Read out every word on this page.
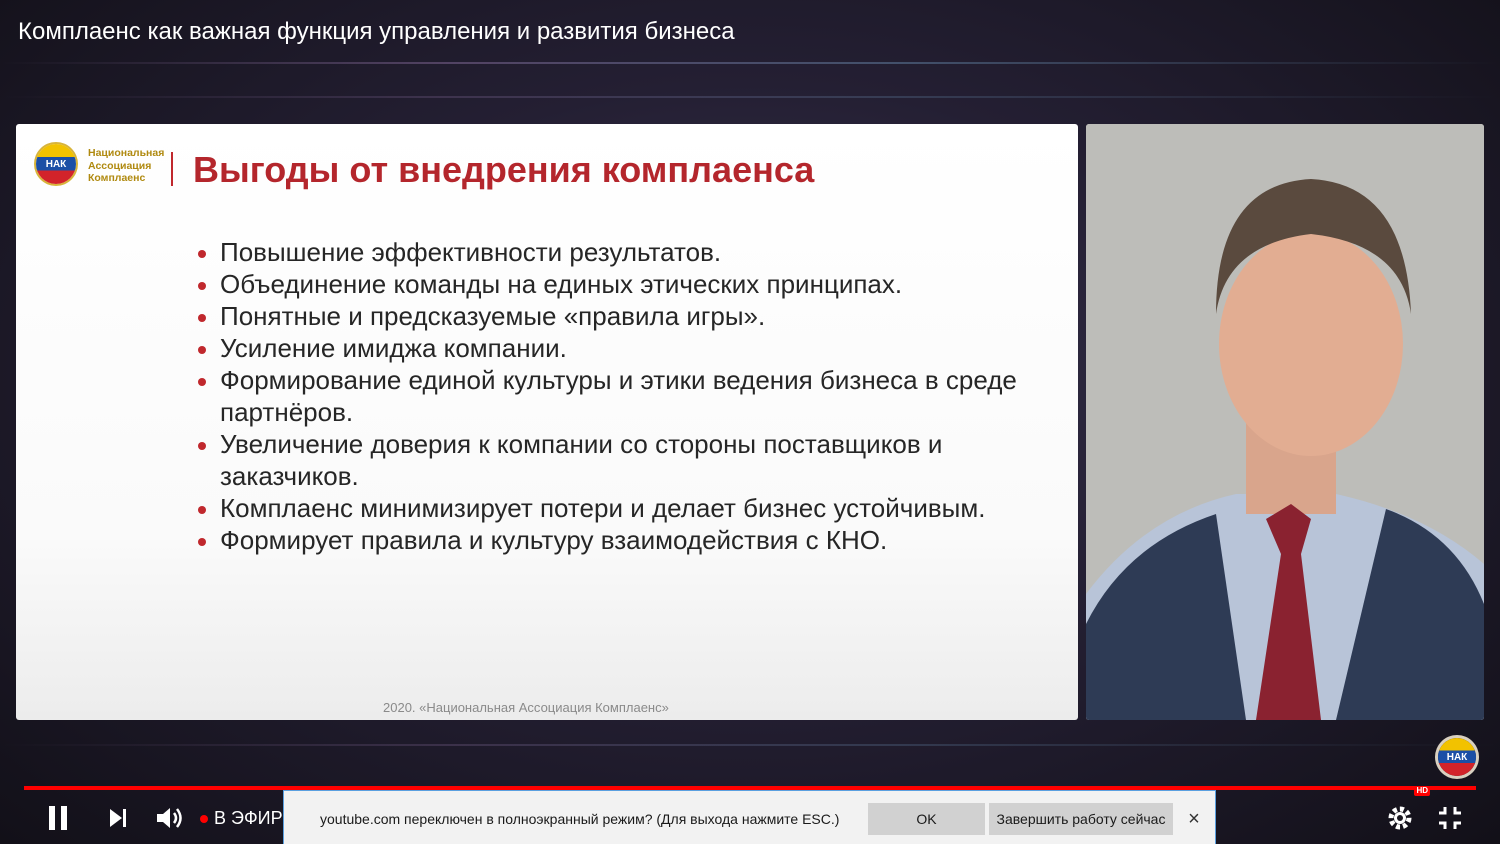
Комплаенс как важная функция управления и развития бизнеса
НАК
Национальная
Ассоциация
Комплаенс	Выгоды от внедрения комплаенса
Повышение эффективности результатов.
Объединение команды на единых этических принципах.
Понятные и предсказуемые «правила игры».
Усиление имиджа компании.
Формирование единой культуры и этики ведения бизнеса в среде партнёров.
Увеличение доверия к компании со стороны поставщиков и заказчиков.
Комплаенс минимизирует потери и делает бизнес устойчивым.
Формирует правила и культуру взаимодействия с КНО.
2020. «Национальная Ассоциация Комплаенс»
НАК
HD
В ЭФИР	youtube.com переключен в полноэкранный режим? (Для выхода нажмите ESC.)	OK	Завершить работу сейчас	×
